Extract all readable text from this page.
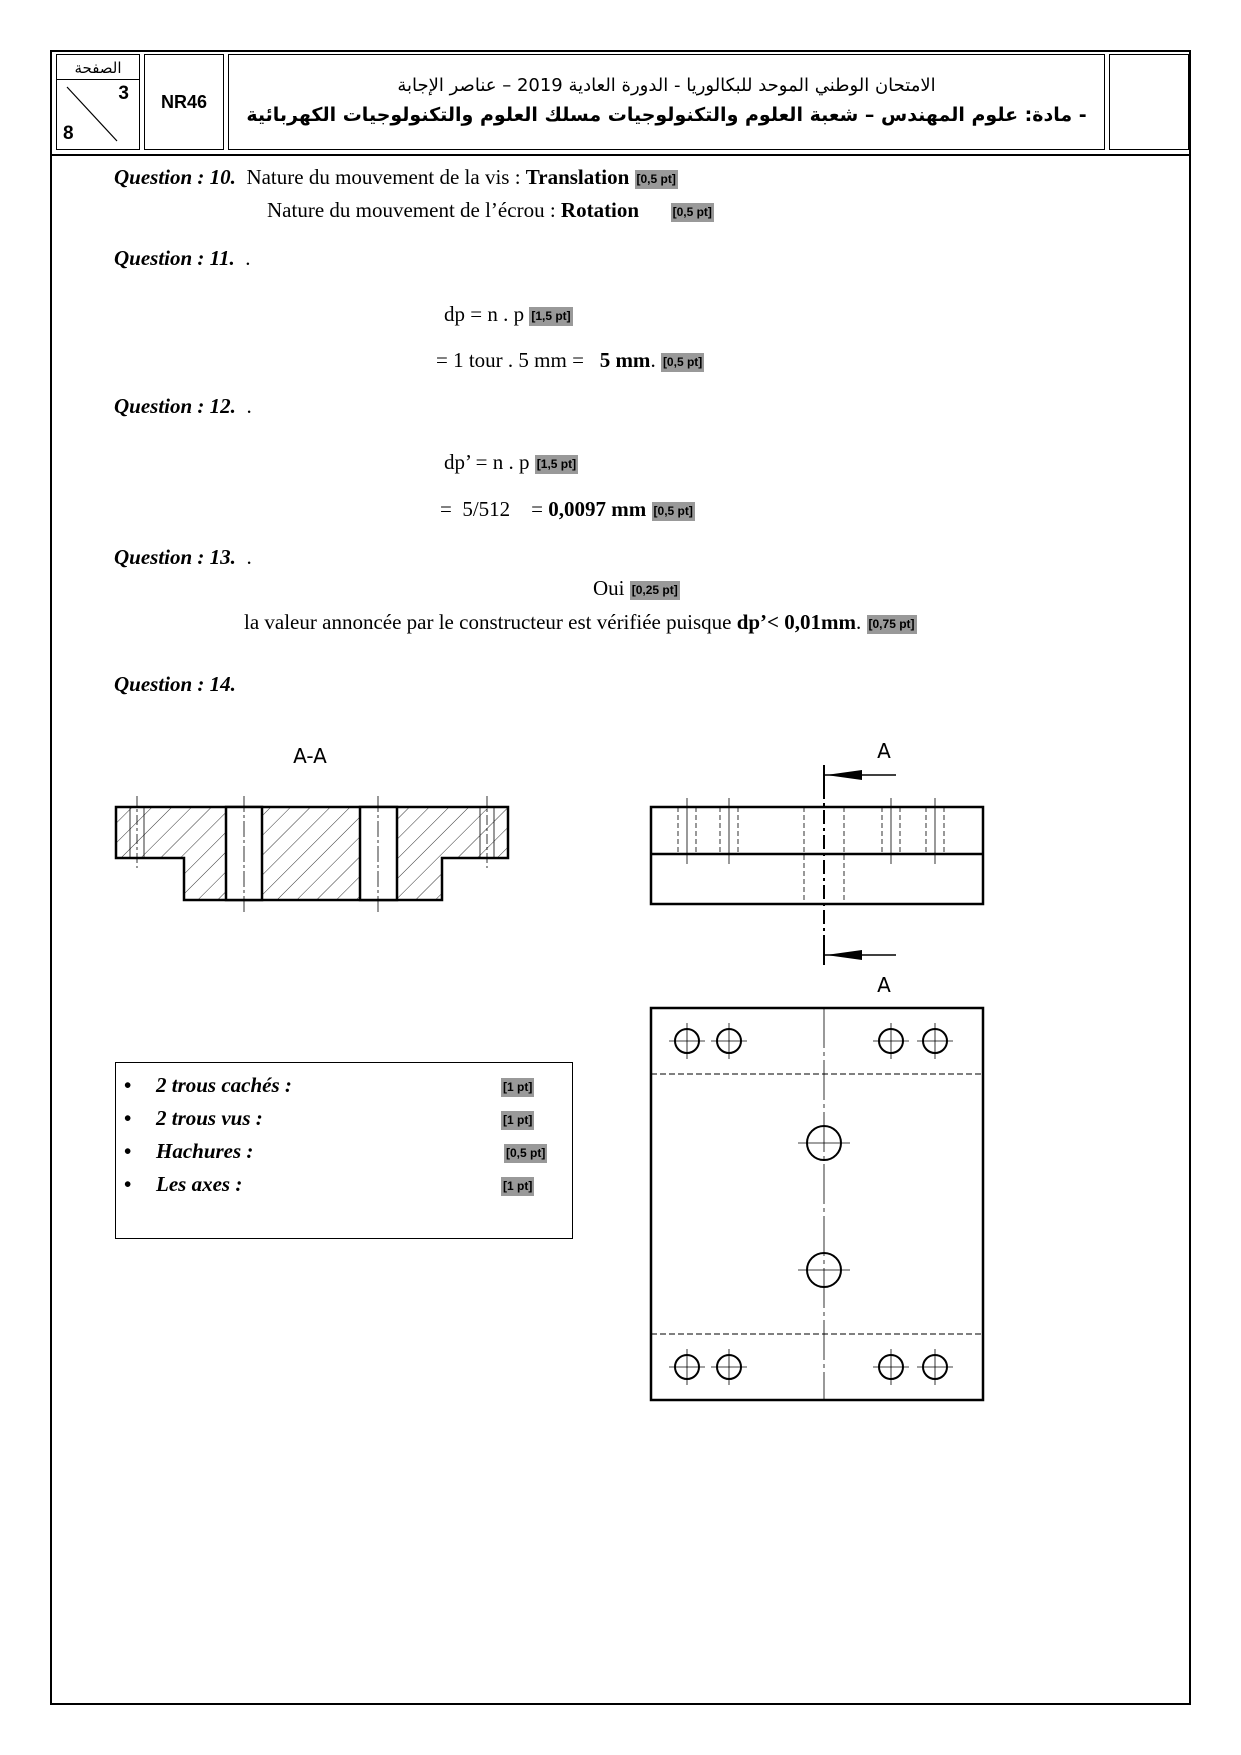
الصفحة
3
8
NR46
الامتحان الوطني الموحد للبكالوريا - الدورة العادية 2019 – عناصر الإجابة
- مادة: علوم المهندس – شعبة العلوم والتكنولوجيات مسلك العلوم والتكنولوجيات الكهربائية
Question : 10. Nature du mouvement de la vis : Translation [0,5 pt]
Nature du mouvement de l’écrou : Rotation	[0,5 pt]
Question : 11. .
dp = n . p [1,5 pt]
= 1 tour . 5 mm =   5 mm. [0,5 pt]
Question : 12. .
dp’ = n . p [1,5 pt]
=  5/512    = 0,0097 mm [0,5 pt]
Question : 13. .
Oui [0,25 pt]
la valeur annoncée par le constructeur est vérifiée puisque dp’< 0,01mm. [0,75 pt]
Question : 14.
A-A	A
A
• 2 trous cachés :
• 2 trous vus :
• Hachures :
• Les axes :
[1 pt]
[1 pt]
[0,5 pt]
[1 pt]
